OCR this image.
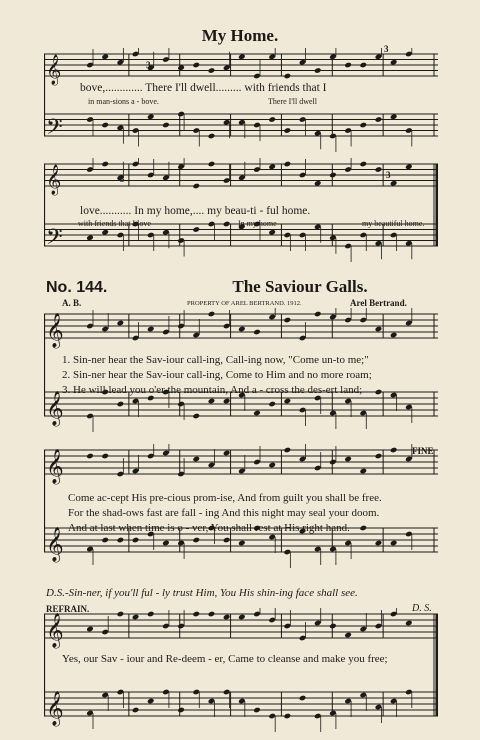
My Home.
𝄞
𝄢
3
3
bove,............. There I'll dwell......... with friends that I
in man-sions a - bove.	There I'll dwell
𝄞
𝄢
3	3
love........... In my home,.... my beau-ti - ful home.
with friends that I love	In my home	my beautiful home.
No. 144.	The Saviour Galls.
A. B.	PROPERTY OF AREL BERTRAND. 1912.	Arel Bertrand.
𝄞
𝄞
1. Sin-ner hear the Sav-iour call-ing, Call-ing now, "Come un-to me;"
2. Sin-ner hear the Sav-iour call-ing, Come to Him and no more roam;
3. He will lead you o'er the mountain, And a - cross the des-ert land;
𝄞
𝄞
FINE
Come ac-cept His pre-cious prom-ise, And from guilt you shall be free.
For the shad-ows fast are fall - ing And this night may seal your doom.
And at last when time is o - ver, You shall rest at His right hand.
D.S.-Sin-ner, if you'll ful - ly trust Him, You His shin-ing face shall see.
REFRAIN.	D. S.
𝄞
𝄞
Yes, our Sav - iour and Re-deem - er, Came to cleanse and make you free;
